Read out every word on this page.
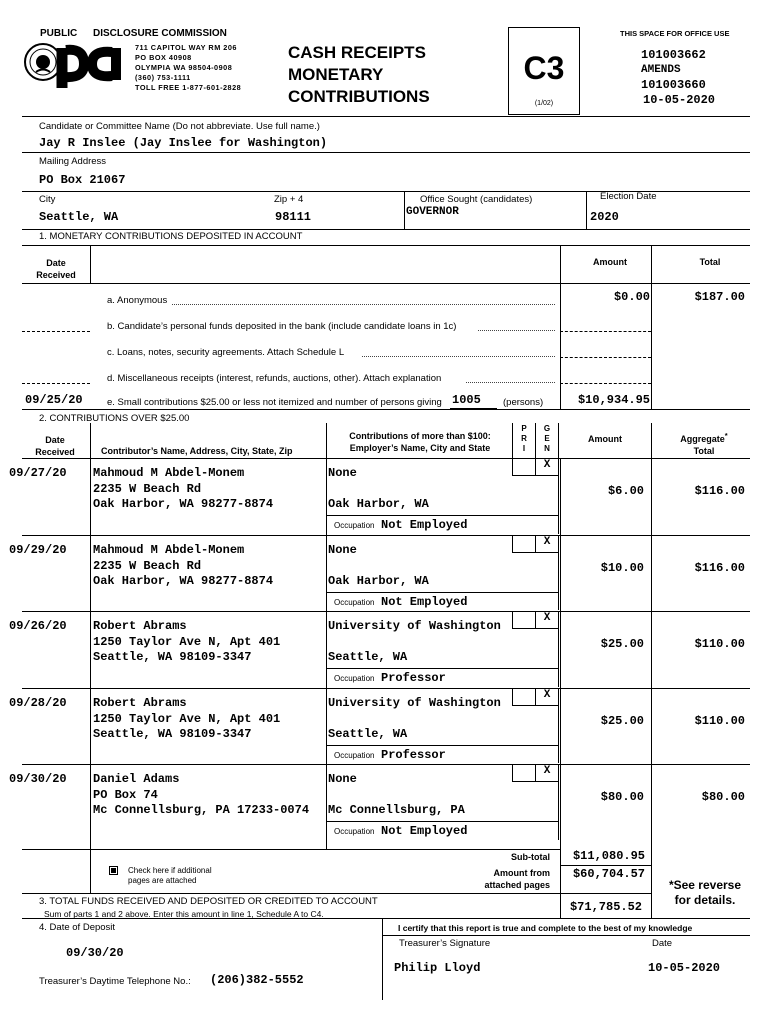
PUBLIC DISCLOSURE COMMISSION
711 CAPITOL WAY RM 206
PO BOX 40908
OLYMPIA WA 98504-0908
(360) 753-1111
TOLL FREE 1-877-601-2828
CASH RECEIPTS
MONETARY
CONTRIBUTIONS
C3
(1/02)
THIS SPACE FOR OFFICE USE
101003662
AMENDS
101003660
10-05-2020
Candidate or Committee Name (Do not abbreviate. Use full name.)
Jay R Inslee (Jay Inslee for Washington)
Mailing Address
PO Box 21067
City	Zip + 4	Office Sought (candidates)	Election Date
Seattle, WA	98111	GOVERNOR	2020
1. MONETARY CONTRIBUTIONS DEPOSITED IN ACCOUNT
Date
Received
Amount	Total
a. Anonymous	$0.00	$187.00
b. Candidate’s personal funds deposited in the bank (include candidate loans in 1c)
c. Loans, notes, security agreements. Attach Schedule L
d. Miscellaneous receipts (interest, refunds, auctions, other). Attach explanation
09/25/20	e. Small contributions $25.00 or less not itemized and number of persons giving 1005 (persons)	$10,934.95
2. CONTRIBUTIONS OVER $25.00
Date
Received	Contributor’s Name, Address, City, State, Zip
Contributions of more than $100:
Employer’s Name, City and State
P
R
I
G
E
N
Amount	Aggregate*
Total
09/27/20 Mahmoud M Abdel-Monem
2235 W Beach Rd
Oak Harbor, WA 98277-8874
None
Oak Harbor, WA
X
$6.00	$116.00
Occupation Not Employed
09/29/20 Mahmoud M Abdel-Monem
2235 W Beach Rd
Oak Harbor, WA 98277-8874
None
Oak Harbor, WA
X
$10.00	$116.00
Occupation Not Employed
09/26/20 Robert Abrams
1250 Taylor Ave N, Apt 401
Seattle, WA 98109-3347
University of Washington
Seattle, WA
X
$25.00	$110.00
Occupation Professor
09/28/20 Robert Abrams
1250 Taylor Ave N, Apt 401
Seattle, WA 98109-3347
University of Washington
Seattle, WA
X
$25.00	$110.00
Occupation Professor
09/30/20 Daniel Adams
PO Box 74
Mc Connellsburg, PA 17233-0074
None
Mc Connellsburg, PA
X
$80.00	$80.00
Occupation Not Employed
Check here if additional
pages are attached
Sub-total	$11,080.95
Amount from
attached pages
$60,704.57
*See reverse
for details.
3. TOTAL FUNDS RECEIVED AND DEPOSITED OR CREDITED TO ACCOUNT
Sum of parts 1 and 2 above. Enter this amount in line 1, Schedule A to C4.	$71,785.52
4. Date of Deposit
09/30/20
I certify that this report is true and complete to the best of my knowledge
Treasurer’s Signature	Date
Philip Lloyd	10-05-2020
Treasurer’s Daytime Telephone No.: (206)382-5552
